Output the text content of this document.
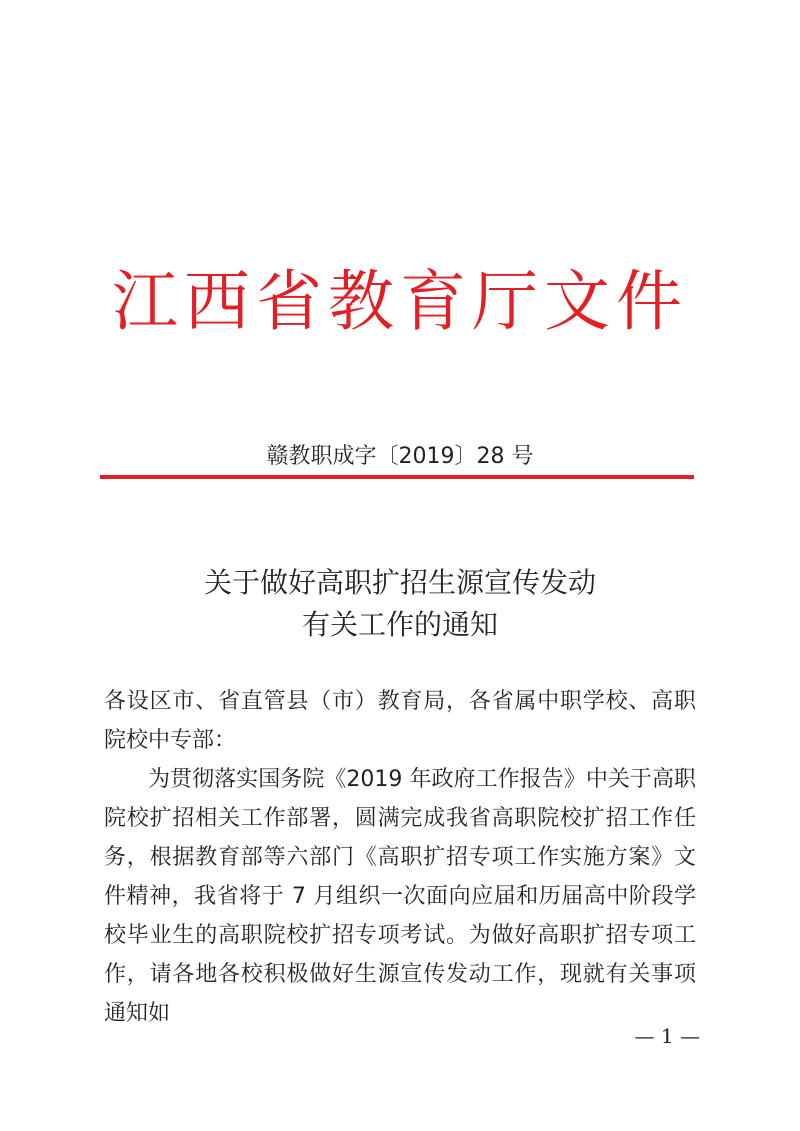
江西省教育厅文件
赣教职成字〔2019〕28 号
关于做好高职扩招生源宣传发动
有关工作的通知

各设区市、省直管县（市）教育局，各省属中职学校、高职院校中专部：

为贯彻落实国务院《2019 年政府工作报告》中关于高职院校扩招相关工作部署，圆满完成我省高职院校扩招工作任务，根据教育部等六部门《高职扩招专项工作实施方案》文件精神，我省将于 7 月组织一次面向应届和历届高中阶段学校毕业生的高职院校扩招专项考试。为做好高职扩招专项工作，请各地各校积极做好生源宣传发动工作，现就有关事项通知如

— 1 —
